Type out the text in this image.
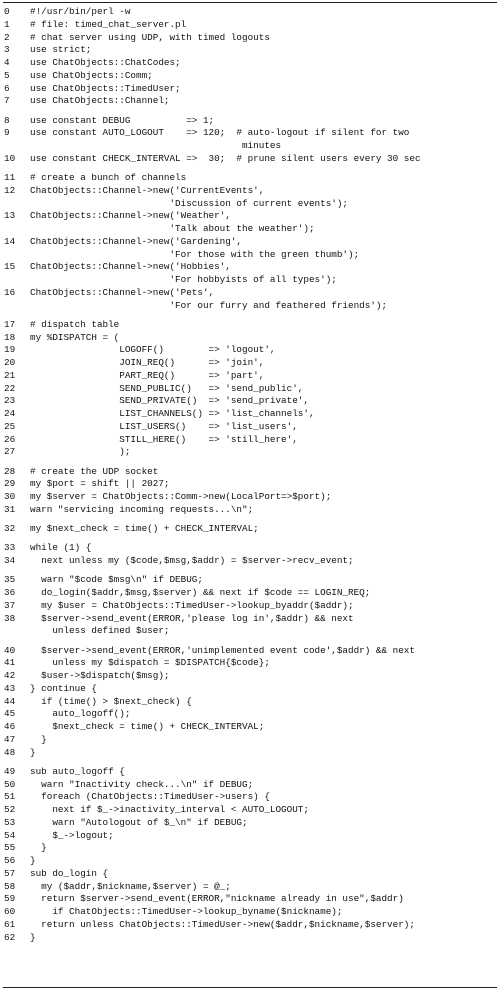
0	#!/usr/bin/perl -w
1	# file: timed_chat_server.pl
2	# chat server using UDP, with timed logouts
3	use strict;
4	use ChatObjects::ChatCodes;
5	use ChatObjects::Comm;
6	use ChatObjects::TimedUser;
7	use ChatObjects::Channel;
8	use constant DEBUG          => 1;
9	use constant AUTO_LOGOUT    => 120;  # auto-logout if silent for two
minutes
10	use constant CHECK_INTERVAL =>  30;  # prune silent users every 30 sec
11	# create a bunch of channels
12	ChatObjects::Channel->new('CurrentEvents',
'Discussion of current events');
13	ChatObjects::Channel->new('Weather',
'Talk about the weather');
14	ChatObjects::Channel->new('Gardening',
'For those with the green thumb');
15	ChatObjects::Channel->new('Hobbies',
'For hobbyists of all types');
16	ChatObjects::Channel->new('Pets',
'For our furry and feathered friends');
17	# dispatch table
18	my %DISPATCH = (
19	LOGOFF()        => 'logout',
20	JOIN_REQ()      => 'join',
21	PART_REQ()      => 'part',
22	SEND_PUBLIC()   => 'send_public',
23	SEND_PRIVATE()  => 'send_private',
24	LIST_CHANNELS() => 'list_channels',
25	LIST_USERS()    => 'list_users',
26	STILL_HERE()    => 'still_here',
27	);
28	# create the UDP socket
29	my $port = shift || 2027;
30	my $server = ChatObjects::Comm->new(LocalPort=>$port);
31	warn "servicing incoming requests...\n";
32	my $next_check = time() + CHECK_INTERVAL;
33	while (1) {
34	next unless my ($code,$msg,$addr) = $server->recv_event;
35	warn "$code $msg\n" if DEBUG;
36	do_login($addr,$msg,$server) && next if $code == LOGIN_REQ;
37	my $user = ChatObjects::TimedUser->lookup_byaddr($addr);
38	$server->send_event(ERROR,'please log in',$addr) && next
unless defined $user;
40	$server->send_event(ERROR,'unimplemented event code',$addr) && next
41	unless my $dispatch = $DISPATCH{$code};
42	$user->$dispatch($msg);
43	} continue {
44	if (time() > $next_check) {
45	auto_logoff();
46	$next_check = time() + CHECK_INTERVAL;
47	}
48	}
49	sub auto_logoff {
50	warn "Inactivity check...\n" if DEBUG;
51	foreach (ChatObjects::TimedUser->users) {
52	next if $_->inactivity_interval < AUTO_LOGOUT;
53	warn "Autologout of $_\n" if DEBUG;
54	$_->logout;
55	}
56	}
57	sub do_login {
58	my ($addr,$nickname,$server) = @_;
59	return $server->send_event(ERROR,"nickname already in use",$addr)
60	if ChatObjects::TimedUser->lookup_byname($nickname);
61	return unless ChatObjects::TimedUser->new($addr,$nickname,$server);
62	}
